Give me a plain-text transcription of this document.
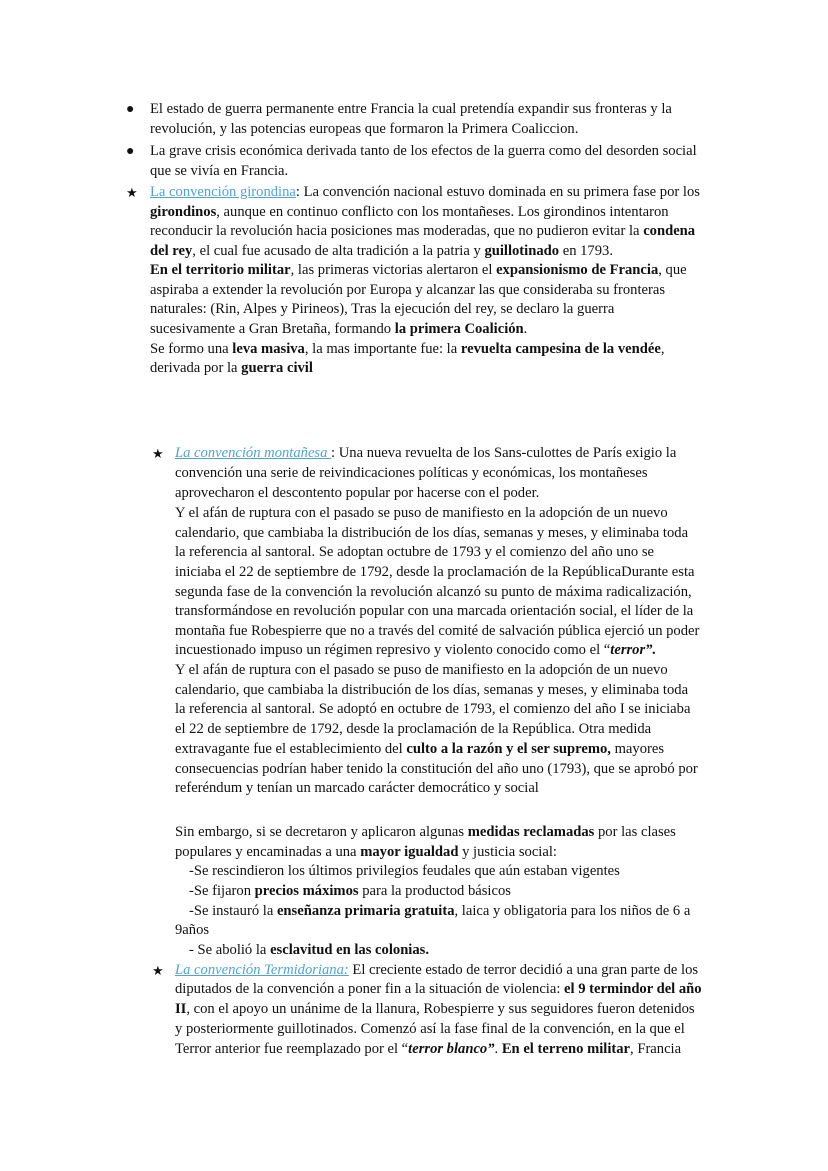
● El estado de guerra permanente entre Francia la cual pretendía expandir sus fronteras y la
revolución, y las potencias europeas que formaron la Primera Coaliccion.
● La grave crisis económica derivada tanto de los efectos de la guerra como del desorden social
que se vivía en Francia.
★ La convención girondina: La convención nacional estuvo dominada en su primera fase por los
girondinos, aunque en continuo conflicto con los montañeses. Los girondinos intentaron
reconducir la revolución hacia posiciones mas moderadas, que no pudieron evitar la condena
del rey, el cual fue acusado de alta tradición a la patria y guillotinado en 1793.
En el territorio militar, las primeras victorias alertaron el expansionismo de Francia, que
aspiraba a extender la revolución por Europa y alcanzar las que consideraba su fronteras
naturales: (Rin, Alpes y Pirineos), Tras la ejecución del rey, se declaro la guerra
sucesivamente a Gran Bretaña, formando la primera Coalición.
Se formo una leva masiva, la mas importante fue: la revuelta campesina de la vendée,
derivada por la guerra civil
★ La convención montañesa : Una nueva revuelta de los Sans-culottes de París exigio la
convención una serie de reivindicaciones políticas y económicas, los montañeses
aprovecharon el descontento popular por hacerse con el poder.
Y el afán de ruptura con el pasado se puso de manifiesto en la adopción de un nuevo
calendario, que cambiaba la distribución de los días, semanas y meses, y eliminaba toda
la referencia al santoral. Se adoptan octubre de 1793 y el comienzo del año uno se
iniciaba el 22 de septiembre de 1792, desde la proclamación de la RepúblicaDurante esta
segunda fase de la convención la revolución alcanzó su punto de máxima radicalización,
transformándose en revolución popular con una marcada orientación social, el líder de la
montaña fue Robespierre que no a través del comité de salvación pública ejerció un poder
incuestionado impuso un régimen represivo y violento conocido como el “terror”.
Y el afán de ruptura con el pasado se puso de manifiesto en la adopción de un nuevo
calendario, que cambiaba la distribución de los días, semanas y meses, y eliminaba toda
la referencia al santoral. Se adoptó en octubre de 1793, el comienzo del año I se iniciaba
el 22 de septiembre de 1792, desde la proclamación de la República. Otra medida
extravagante fue el establecimiento del culto a la razón y el ser supremo, mayores
consecuencias podrían haber tenido la constitución del año uno (1793), que se aprobó por
referéndum y tenían un marcado carácter democrático y social
Sin embargo, si se decretaron y aplicaron algunas medidas reclamadas por las clases
populares y encaminadas a una mayor igualdad y justicia social:
-Se rescindieron los últimos privilegios feudales que aún estaban vigentes
-Se fijaron precios máximos para la productod básicos
-Se instauró la enseñanza primaria gratuita, laica y obligatoria para los niños de 6 a
9años
- Se abolió la esclavitud en las colonias.
★ La convención Termidoriana: El creciente estado de terror decidió a una gran parte de los
diputados de la convención a poner fin a la situación de violencia: el 9 termindor del año
II, con el apoyo un unánime de la llanura, Robespierre y sus seguidores fueron detenidos
y posteriormente guillotinados. Comenzó así la fase final de la convención, en la que el
Terror anterior fue reemplazado por el “terror blanco”. En el terreno militar, Francia
